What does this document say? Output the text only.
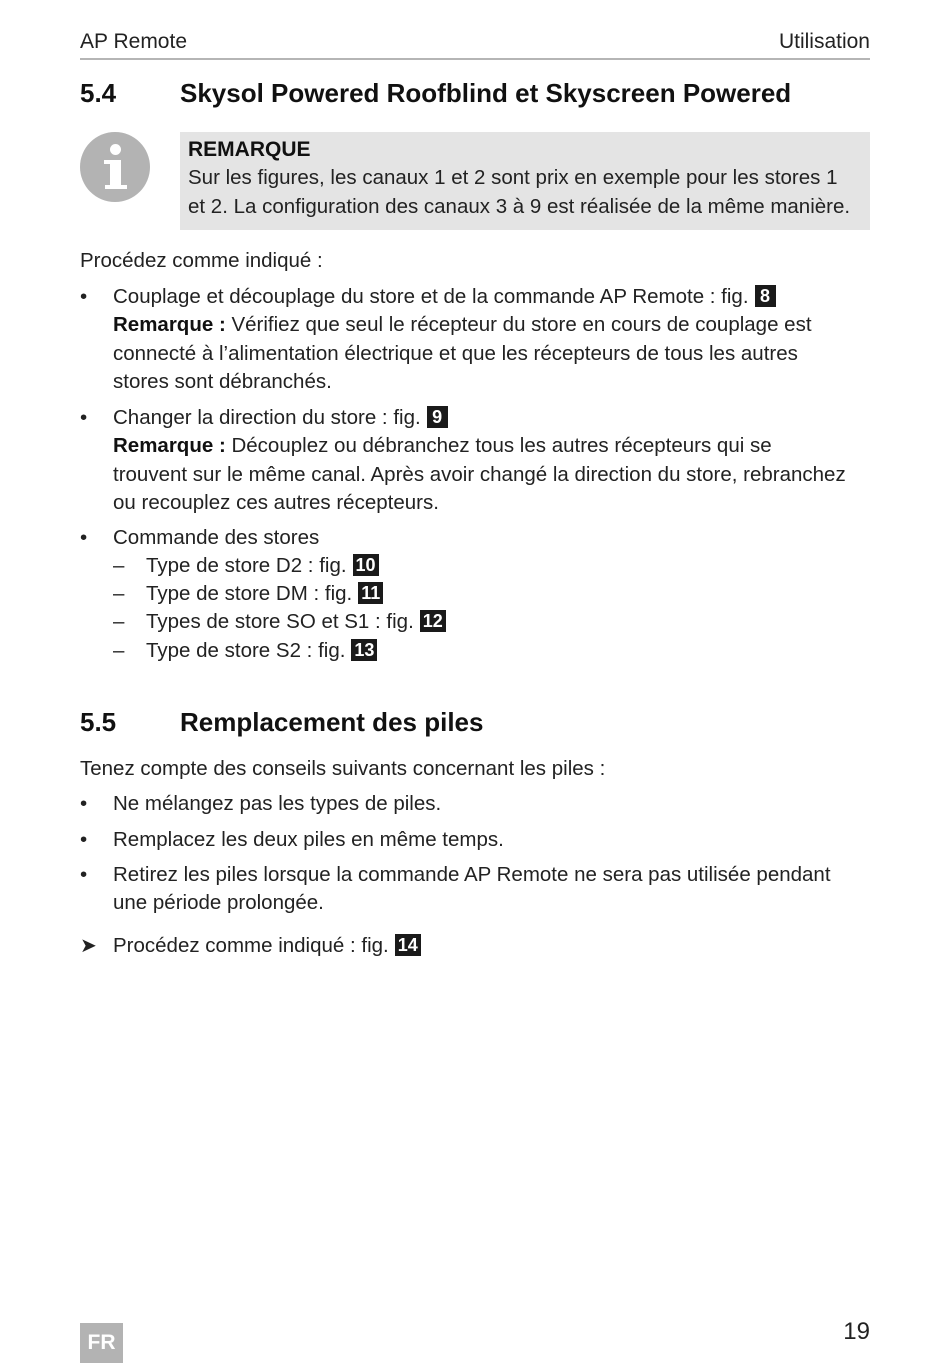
AP Remote	Utilisation
5.4 Skysol Powered Roofblind et Skyscreen Powered
REMARQUE
Sur les figures, les canaux 1 et 2 sont prix en exemple pour les stores 1
et 2. La configuration des canaux 3 à 9 est réalisée de la même manière.
Procédez comme indiqué :
• Couplage et découplage du store et de la commande AP Remote : fig. 8
Remarque : Vérifiez que seul le récepteur du store en cours de couplage est
connecté à l’alimentation électrique et que les récepteurs de tous les autres
stores sont débranchés.
• Changer la direction du store : fig. 9
Remarque : Découplez ou débranchez tous les autres récepteurs qui se
trouvent sur le même canal. Après avoir changé la direction du store, rebranchez
ou recouplez ces autres récepteurs.
• Commande des stores
– Type de store D2 : fig. 10
– Type de store DM : fig. 11
– Types de store SO et S1 : fig. 12
– Type de store S2 : fig. 13
5.5 Remplacement des piles
Tenez compte des conseils suivants concernant les piles :
• Ne mélangez pas les types de piles.
• Remplacez les deux piles en même temps.
• Retirez les piles lorsque la commande AP Remote ne sera pas utilisée pendant
une période prolongée.
➤ Procédez comme indiqué : fig. 14
FR	19
